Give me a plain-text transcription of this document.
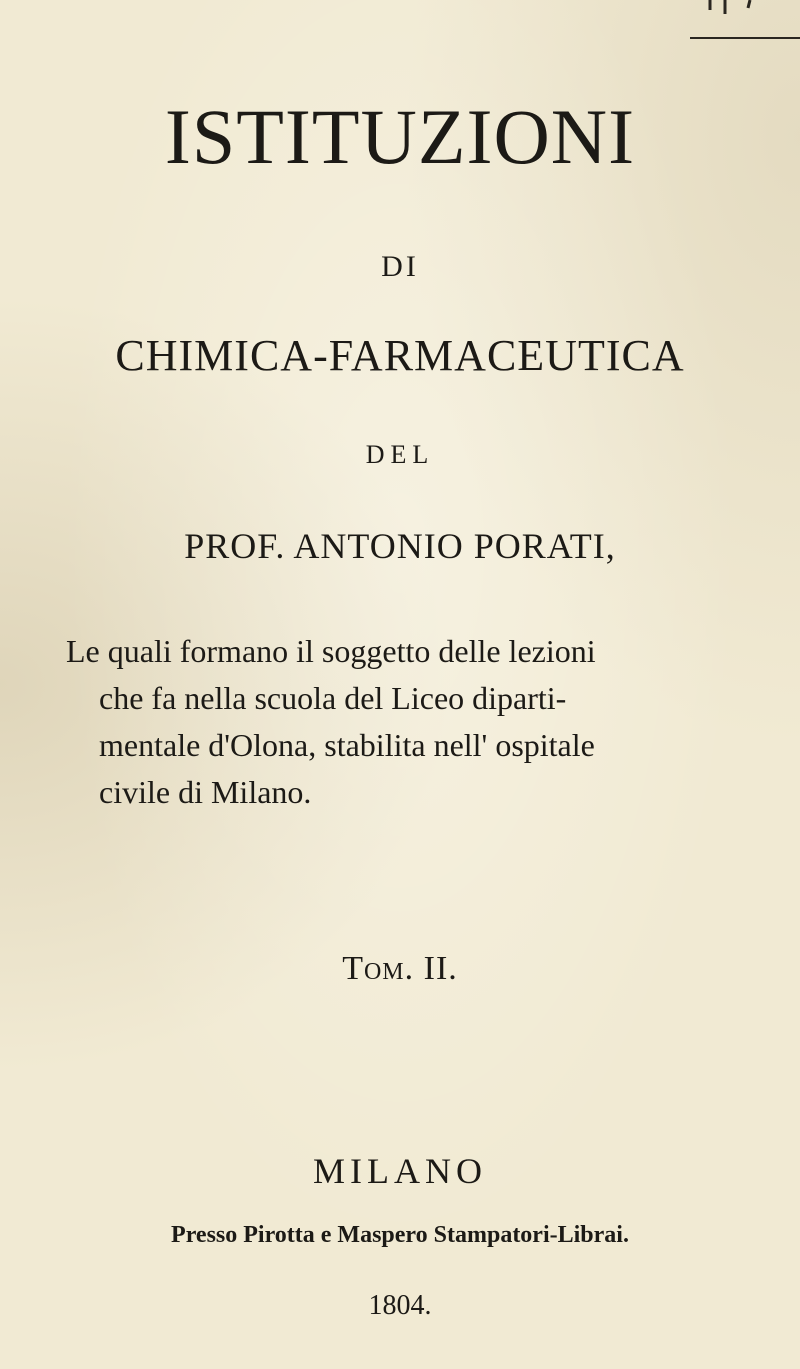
ISTITUZIONI
DI
CHIMICA-FARMACEUTICA
DEL
PROF. ANTONIO PORATI,
Le quali formano il soggetto delle lezioni
che fa nella scuola del Liceo diparti-
mentale d'Olona, stabilita nell' ospitale
civile di Milano.
Tom. II.
MILANO
Presso Pirotta e Maspero Stampatori-Librai.
1804.
